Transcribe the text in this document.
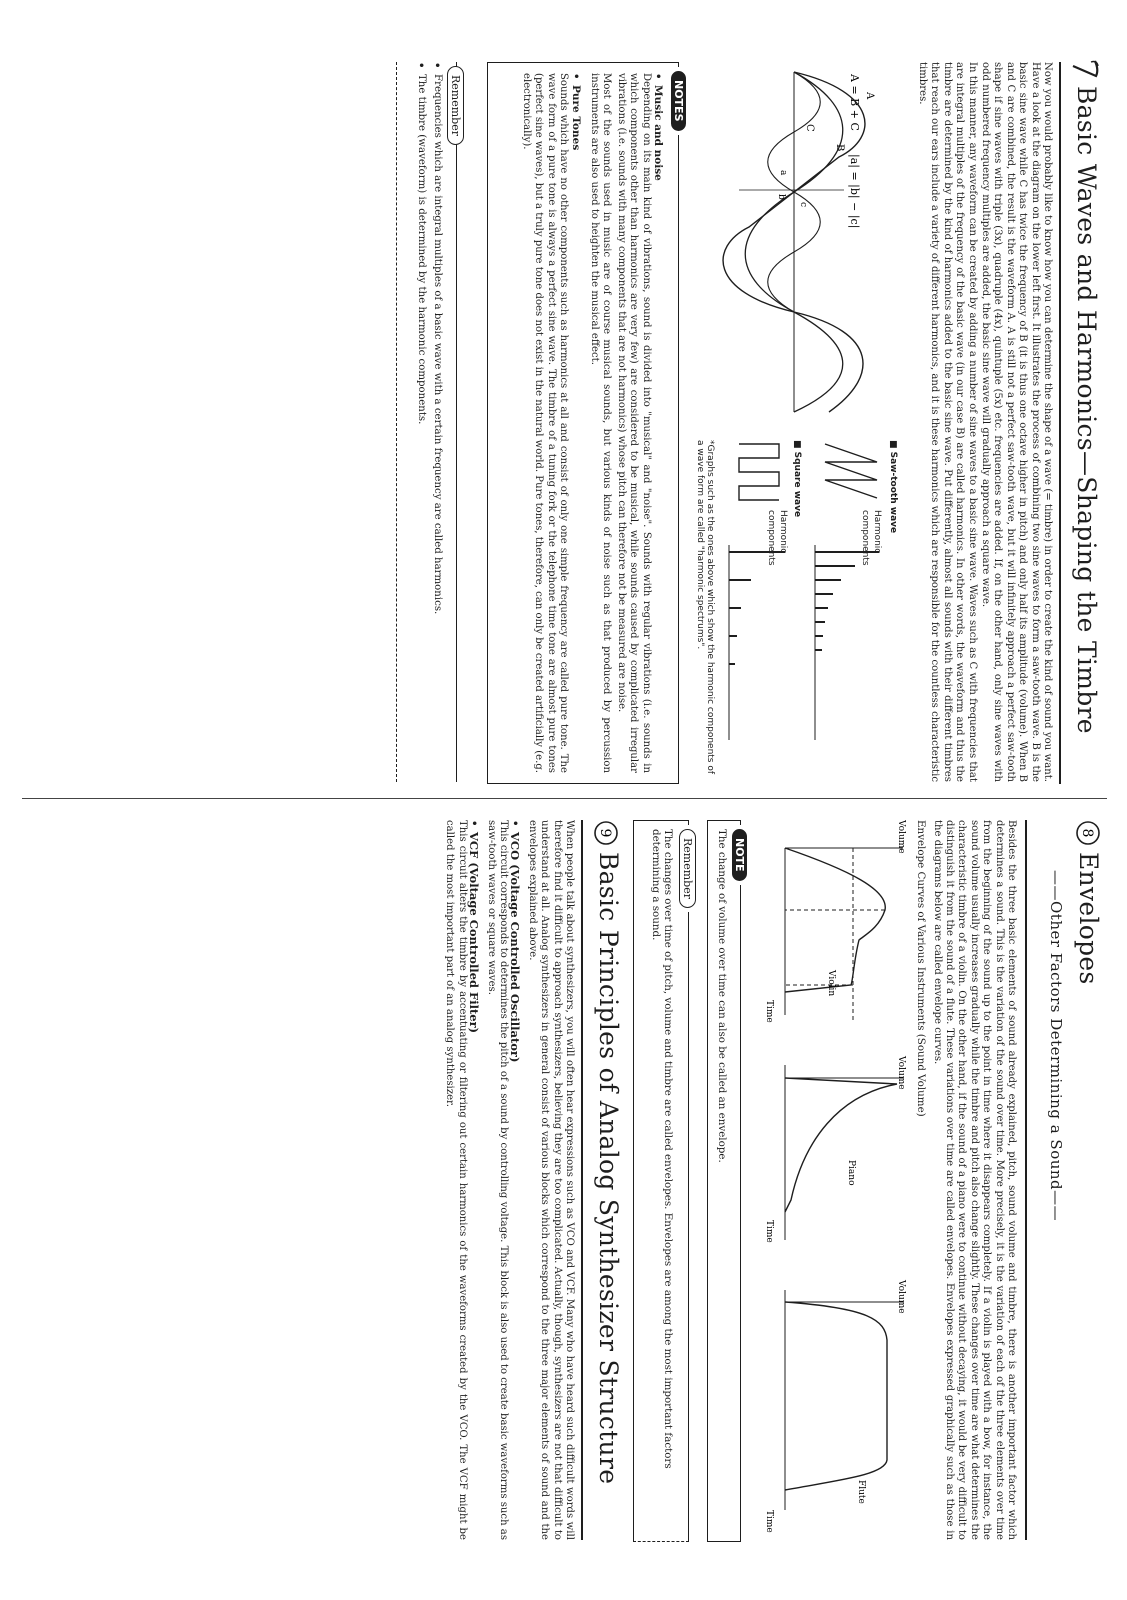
Basic Waves and Harmonics—Shaping the Timbre

Now you would probably like to know how you can determine the shape of a wave (= timbre) in order to create the kind of sound you want. Have a look at the diagram on the lower left first. It illustrates the process of combining two sine waves to form a saw-tooth wave. B is the basic sine wave while C has twice the frequency of B (it is thus one octave higher in pitch) and only half its amplitude (volume). When B and C are combined, the result is the waveform A. A is still not a perfect saw-tooth wave, but it will infinitely approach a perfect saw-tooth shape if sine waves with triple (3x), quadruple (4x), quintuple (5x) etc. frequencies are added. If, on the other hand, only sine waves with odd numbered frequency multiples are added, the basic sine wave will gradually approach a square wave.

In this manner, any waveform can be created by adding a number of sine waves to a basic sine wave. Waves such as C with frequencies that are integral multiples of the frequency of the basic wave (in our case B) are called harmonics. In other words, the waveform and thus the timbre are determined by the kind of harmonics added to the basic sine wave. Put differently, almost all sounds with their different timbres that reach our ears include a variety of different harmonics, and it is these harmonics which are responsible for the countless characteristic timbres.

A = B + C
|a| = |b| − |c|
A
B
C
a
b
c
■ Saw-tooth wave
Harmonic components
■ Square wave
Harmonic components
*Graphs such as the ones above which show the harmonic components of a wave form are called "harmonic spectrums".
NOTES
•
Music and noise
Depending on its main kind of vibrations, sound is divided into "musical" and "noise". Sounds with regular vibrations (i.e. sounds in which components other than harmonics are very few) are considered to be musical, while sounds caused by complicated irregular vibrations (i.e. sounds with many components that are not harmonics) whose pitch can therefore not be measured are noise.
Most of the sounds used in music are of course musical sounds, but various kinds of noise such as that produced by percussion instruments are also used to heighten the musical effect.
•
Pure Tones
Sounds which have no other components such as harmonics at all and consist of only one simple frequency are called pure tone. The wave form of a pure tone is always a perfect sine wave. The timbre of a tuning fork or the telephone time tone are almost pure tones (perfect sine waves), but a truly pure tone does not exist in the natural world. Pure tones, therefore, can only be created artificially (e.g. electronically).
Remember
•
Frequencies which are integral multiples of a basic wave with a certain frequency are called harmonics.
•
The timbre (waveform) is determined by the harmonic components.
8
Envelopes
——Other Factors Determining a Sound——
Besides the three basic elements of sound already explained, pitch, sound volume and timbre, there is another important factor which determines a sound. This is the variation of the sound over time. More precisely, it is the variation of each of the three elements over time from the beginning of the sound up to the point in time where it disappears completely. If a violin is played with a bow, for instance, the sound volume usually increases gradually while the timbre and pitch also change slightly. These changes over time are what determines the characteristic timbre of a violin. On the other hand, if the sound of a piano were to continue without decaying, it would be very difficult to distinguish it from the sound of a flute. These variations over time are called envelopes. Envelopes expressed graphically such as those in the diagrams below are called envelope curves.
Envelope Curves of Various Instruments (Sound Volume)
Volume
Time
Violin
Volume
Time
Piano
Volume
Time
Flute
NOTE
The change of volume over time can also be called an envelope.
Remember
The changes over time of pitch, volume and timbre are called envelopes. Envelopes are among the most important factors determining a sound.
9
Basic Principles of Analog Synthesizer Structure

When people talk about synthesizers, you will often hear expressions such as VCO and VCF. Many who have heard such difficult words will therefore find it difficult to approach synthesizers, believing they are too complicated. Actually, though, synthesizers are not that difficult to understand at all. Analog synthesizers in general consist of various blocks which correspond to the three major elements of sound and the envelopes explained above.

•
VCO (Voltage Controlled Oscillator)

This circuit corresponds to determines the pitch of a sound by controlling voltage. This block is also used to create basic waveforms such as saw-tooth waves or square waves.

•
VCF (Voltage Controlled Filter)

This circuit alters the timbre by accentuating or filtering out certain harmonics of the waveforms created by the VCO. The VCF might be called the most important part of an analog synthesizer.
